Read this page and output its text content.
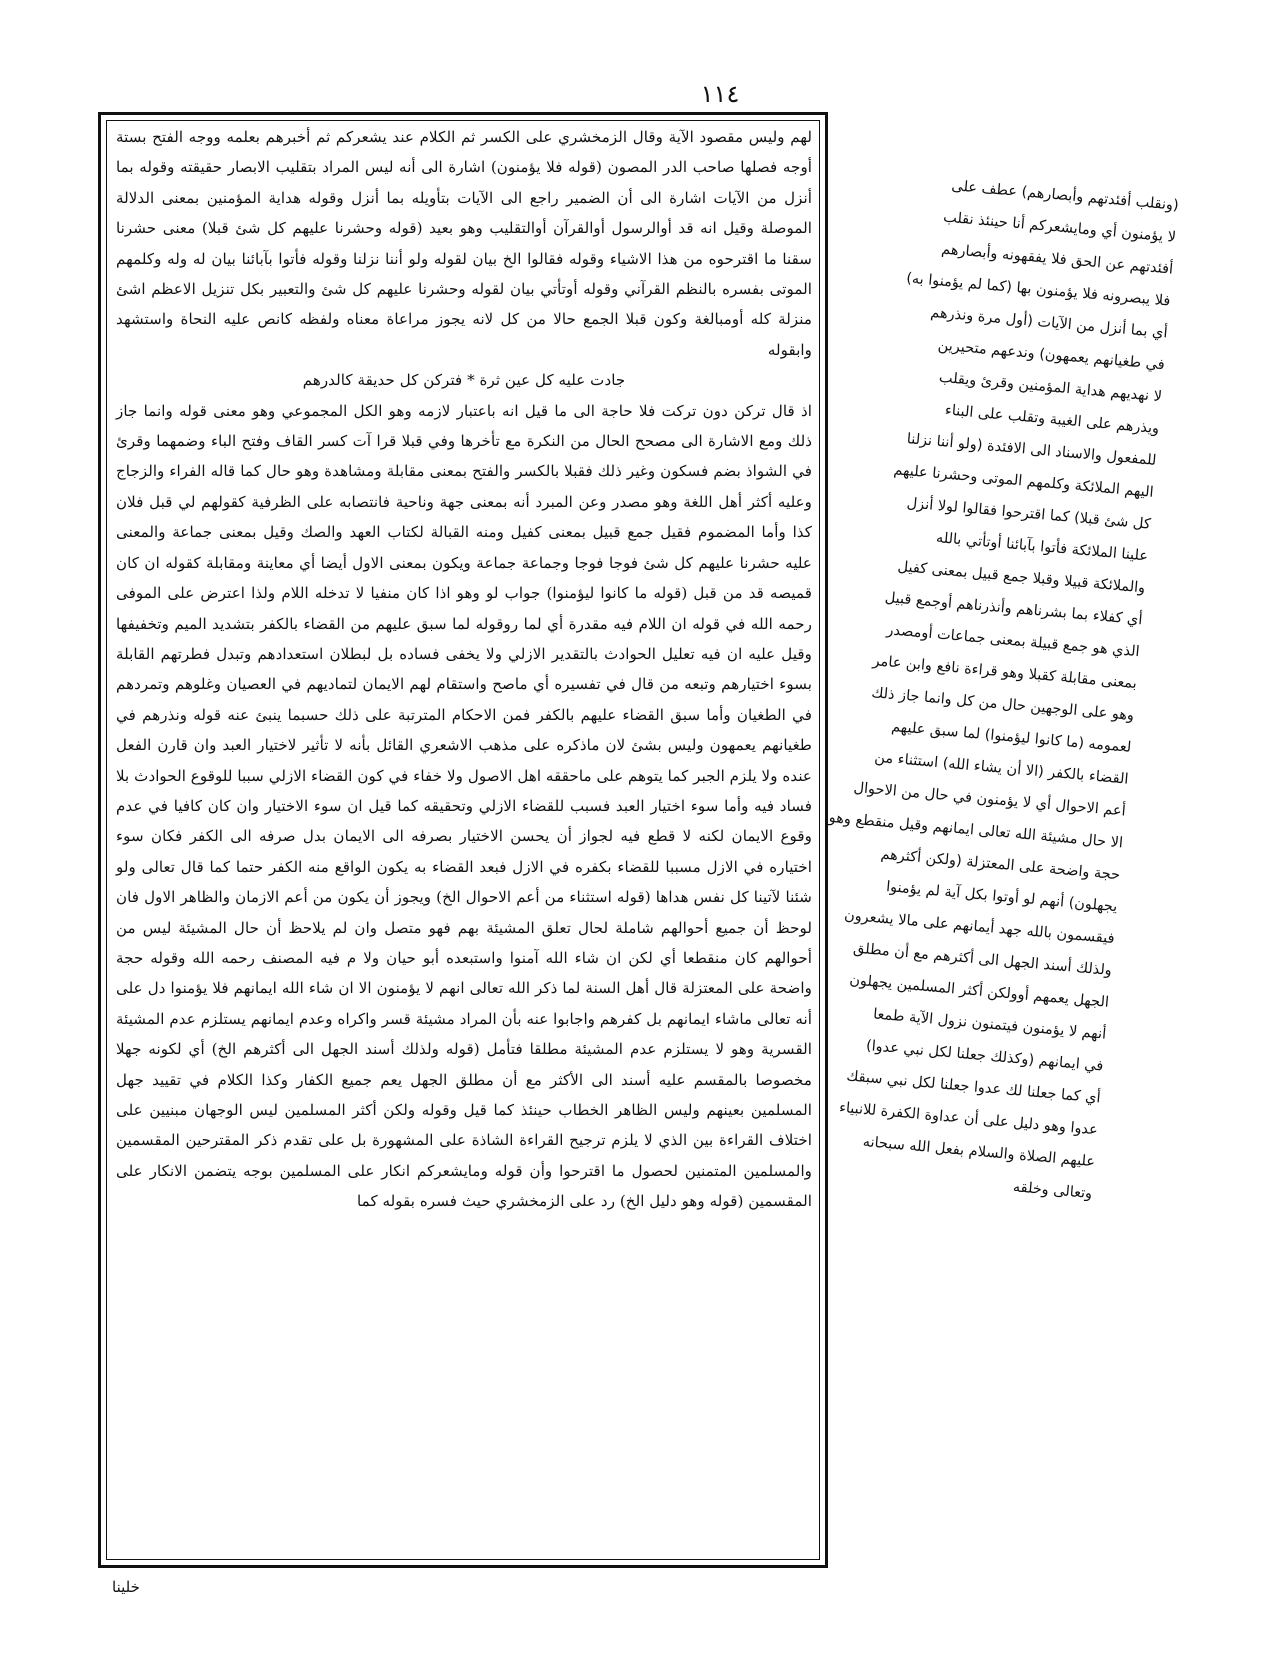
١١٤

لهم وليس مقصود الآية وقال الزمخشري على الكسر ثم الكلام عند يشعركم ثم أخبرهم بعلمه ووجه الفتح بستة أوجه فصلها صاحب الدر المصون (قوله فلا يؤمنون) اشارة الى أنه ليس المراد بتقليب الابصار حقيقته وقوله بما أنزل من الآيات اشارة الى أن الضمير راجع الى الآيات بتأويله بما أنزل وقوله هداية المؤمنين بمعنى الدلالة الموصلة وقيل انه قد أوالرسول أوالقرآن أوالتقليب وهو بعيد (قوله وحشرنا عليهم كل شئ قبلا) معنى حشرنا سقنا ما اقترحوه من هذا الاشياء وقوله فقالوا الخ بيان لقوله ولو أننا نزلنا وقوله فأتوا بآبائنا بيان له وله وكلمهم الموتى بفسره بالنظم القرآني وقوله أوتأتي بيان لقوله وحشرنا عليهم كل شئ والتعبير بكل تنزيل الاعظم اشئ منزلة كله أومبالغة وكون قبلا الجمع حالا من كل لانه يجوز مراعاة معناه ولفظه كانص عليه النحاة واستشهد وابقوله

جادت عليه كل عين ثرة * فتركن كل حديقة كالدرهم

اذ قال تركن دون تركت فلا حاجة الى ما قيل انه باعتبار لازمه وهو الكل المجموعي وهو معنى قوله وانما جاز ذلك ومع الاشارة الى مصحح الحال من النكرة مع تأخرها وفي قبلا قرا آت كسر القاف وفتح الباء وضمهما وقرئ في الشواذ بضم فسكون وغير ذلك فقبلا بالكسر والفتح بمعنى مقابلة ومشاهدة وهو حال كما قاله الفراء والزجاج وعليه أكثر أهل اللغة وهو مصدر وعن المبرد أنه بمعنى جهة وناحية فانتصابه على الظرفية كقولهم لي قبل فلان كذا وأما المضموم فقيل جمع قبيل بمعنى كفيل ومنه القبالة لكتاب العهد والصك وقيل بمعنى جماعة والمعنى عليه حشرنا عليهم كل شئ فوجا فوجا وجماعة جماعة ويكون بمعنى الاول أيضا أي معاينة ومقابلة كقوله ان كان قميصه قد من قبل (قوله ما كانوا ليؤمنوا) جواب لو وهو اذا كان منفيا لا تدخله اللام ولذا اعترض على الموفى رحمه الله في قوله ان اللام فيه مقدرة أي لما روقوله لما سبق عليهم من القضاء بالكفر بتشديد الميم وتخفيفها وقيل عليه ان فيه تعليل الحوادث بالتقدير الازلي ولا يخفى فساده بل لبطلان استعدادهم وتبدل فطرتهم القابلة بسوء اختيارهم وتبعه من قال في تفسيره أي ماصح واستقام لهم الايمان لتماديهم في العصيان وغلوهم وتمردهم في الطغيان وأما سبق القضاء عليهم بالكفر فمن الاحكام المترتبة على ذلك حسبما ينبئ عنه قوله ونذرهم في طغيانهم يعمهون وليس بشئ لان ماذكره على مذهب الاشعري القائل بأنه لا تأثير لاختيار العبد وان قارن الفعل عنده ولا يلزم الجبر كما يتوهم على ماحققه اهل الاصول ولا خفاء في كون القضاء الازلي سببا للوقوع الحوادث بلا فساد فيه وأما سوء اختيار العبد فسبب للقضاء الازلي وتحقيقه كما قيل ان سوء الاختيار وان كان كافيا في عدم وقوع الايمان لكنه لا قطع فيه لجواز أن يحسن الاختيار بصرفه الى الايمان بدل صرفه الى الكفر فكان سوء اختياره في الازل مسببا للقضاء بكفره في الازل فبعد القضاء به يكون الواقع منه الكفر حتما كما قال تعالى ولو شئنا لآتينا كل نفس هداها (قوله استثناء من أعم الاحوال الخ) ويجوز أن يكون من أعم الازمان والظاهر الاول فان لوحظ أن جميع أحوالهم شاملة لحال تعلق المشيئة بهم فهو متصل وان لم يلاحظ أن حال المشيئة ليس من أحوالهم كان منقطعا أي لكن ان شاء الله آمنوا واستبعده أبو حيان ولا م فيه المصنف رحمه الله وقوله حجة واضحة على المعتزلة قال أهل السنة لما ذكر الله تعالى انهم لا يؤمنون الا ان شاء الله ايمانهم فلا يؤمنوا دل على أنه تعالى ماشاء ايمانهم بل كفرهم واجابوا عنه بأن المراد مشيئة قسر واكراه وعدم ايمانهم يستلزم عدم المشيئة القسرية وهو لا يستلزم عدم المشيئة مطلقا فتأمل (قوله ولذلك أسند الجهل الى أكثرهم الخ) أي لكونه جهلا مخصوصا بالمقسم عليه أسند الى الأكثر مع أن مطلق الجهل يعم جميع الكفار وكذا الكلام في تقييد جهل المسلمين بعينهم وليس الظاهر الخطاب حينئذ كما قيل وقوله ولكن أكثر المسلمين ليس الوجهان مبنيين على اختلاف القراءة بين الذي لا يلزم ترجيح القراءة الشاذة على المشهورة بل على تقدم ذكر المقترحين المقسمين والمسلمين المتمنين لحصول ما اقترحوا وأن قوله ومايشعركم انكار على المسلمين بوجه يتضمن الانكار على المقسمين (قوله وهو دليل الخ) رد على الزمخشري حيث فسره بقوله كما

(ونقلب أفئدتهم وأبصارهم) عطف على

لا يؤمنون أي ومايشعركم أنا حينئذ نقلب

أفئدتهم عن الحق فلا يفقهونه وأبصارهم

فلا يبصرونه فلا يؤمنون بها (كما لم يؤمنوا به)

أي بما أنزل من الآيات (أول مرة ونذرهم

في طغيانهم يعمهون) وندعهم متحيرين

لا نهديهم هداية المؤمنين وقرئ ويقلب

ويذرهم على الغيبة وتقلب على البناء

للمفعول والاسناد الى الافئدة (ولو أننا نزلنا

اليهم الملائكة وكلمهم الموتى وحشرنا عليهم

كل شئ قبلا) كما اقترحوا فقالوا لولا أنزل

علينا الملائكة فأتوا بآبائنا أوتأتي بالله

والملائكة قبيلا وقبلا جمع قبيل بمعنى كفيل

أي كفلاء بما بشرناهم وأنذرناهم أوجمع قبيل

الذي هو جمع قبيلة بمعنى جماعات أومصدر

بمعنى مقابلة كقبلا وهو قراءة نافع وابن عامر

وهو على الوجهين حال من كل وانما جاز ذلك

لعمومه (ما كانوا ليؤمنوا) لما سبق عليهم

القضاء بالكفر (الا أن يشاء الله) استثناء من

أعم الاحوال أي لا يؤمنون في حال من الاحوال

الا حال مشيئة الله تعالى ايمانهم وقيل منقطع وهو

حجة واضحة على المعتزلة (ولكن أكثرهم

يجهلون) أنهم لو أوتوا بكل آية لم يؤمنوا

فيقسمون بالله جهد أيمانهم على مالا يشعرون

ولذلك أسند الجهل الى أكثرهم مع أن مطلق

الجهل يعمهم أوولكن أكثر المسلمين يجهلون

أنهم لا يؤمنون فيتمنون نزول الآية طمعا

في ايمانهم (وكذلك جعلنا لكل نبي عدوا)

أي كما جعلنا لك عدوا جعلنا لكل نبي سبقك

عدوا وهو دليل على أن عداوة الكفرة للانبياء

عليهم الصلاة والسلام بفعل الله سبحانه

وتعالى وخلقه

خلينا
